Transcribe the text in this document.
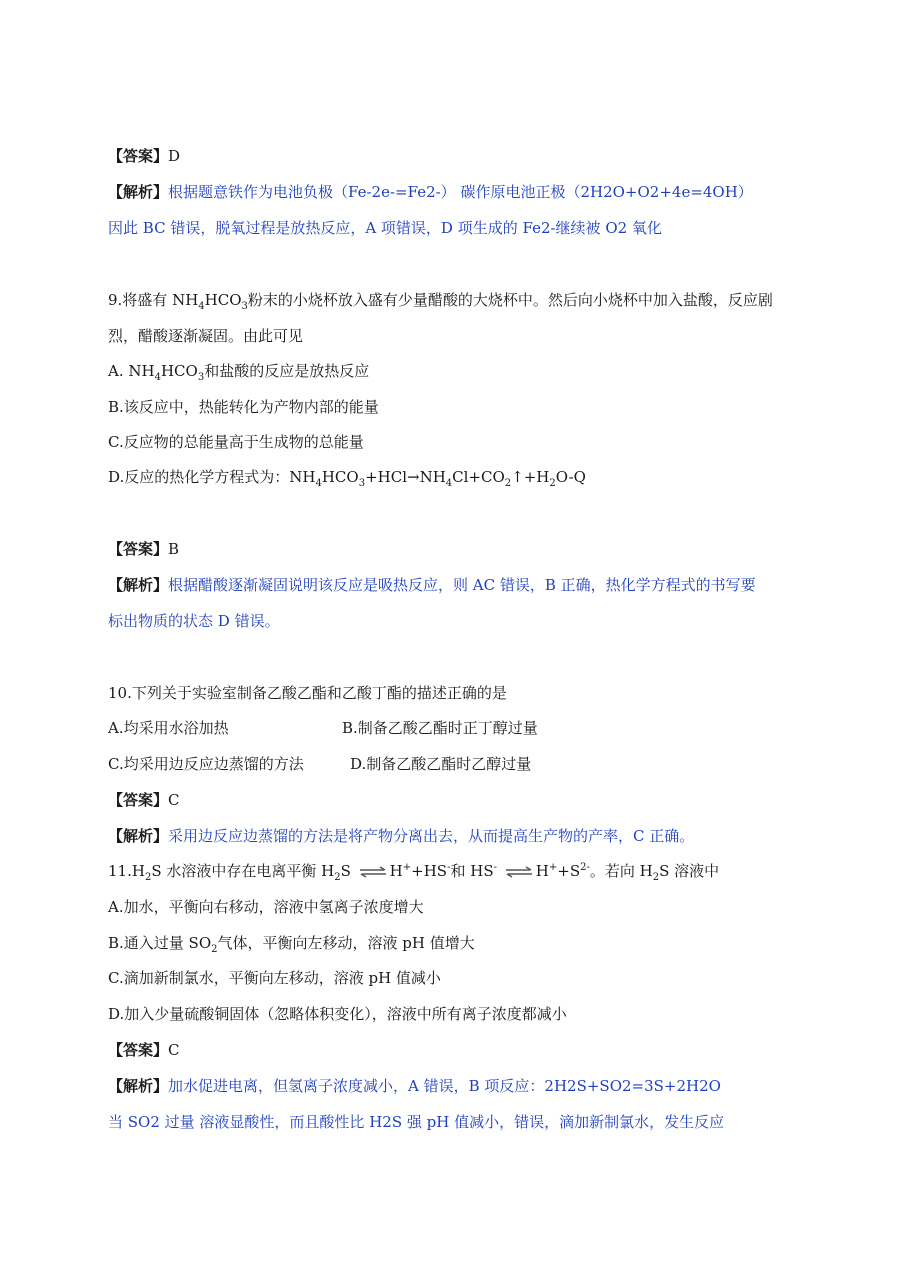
【答案】D
【解析】根据题意铁作为电池负极（Fe-2e-=Fe2-） 碳作原电池正极（2H2O+O2+4e=4OH）
因此 BC 错误，脱氧过程是放热反应，A 项错误，D 项生成的 Fe2-继续被 O2 氧化
9.将盛有 $NH_4HCO_3$粉末的小烧杯放入盛有少量醋酸的大烧杯中。然后向小烧杯中加入盐酸，反应剧
烈，醋酸逐渐凝固。由此可见
A. $NH_4HCO_3$和盐酸的反应是放热反应
B.该反应中，热能转化为产物内部的能量
C.反应物的总能量高于生成物的总能量
D.反应的热化学方程式为：$NH_4HCO_3+HCl\to NH_4Cl+CO_2↑+H_2O-Q$
【答案】B
【解析】根据醋酸逐渐凝固说明该反应是吸热反应，则 AC 错误，B 正确，热化学方程式的书写要
标出物质的状态 D 错误。
10.下列关于实验室制备乙酸乙酯和乙酸丁酯的描述正确的是
A.均采用水浴加热	B.制备乙酸乙酯时正丁醇过量
C.均采用边反应边蒸馏的方法	D.制备乙酸乙酯时乙醇过量
【答案】C
【解析】采用边反应边蒸馏的方法是将产物分离出去，从而提高生产物的产率，C 正确。
$11.H_2S$ 水溶液中存在电离平衡 $H_2S$ ⇌ H++HS-和 HS- ⇌ $H^++S^{2-}$。若向 $H_2S$ 溶液中
A.加水，平衡向右移动，溶液中氢离子浓度增大
B.通入过量 $SO_2$气体，平衡向左移动，溶液 pH 值增大
C.滴加新制氯水，平衡向左移动，溶液 pH 值减小
D.加入少量硫酸铜固体（忽略体积变化），溶液中所有离子浓度都减小
【答案】C
【解析】加水促进电离，但氢离子浓度减小，A 错误，B 项反应：2H2S+SO2=3S+2H2O
当 SO2 过量 溶液显酸性，而且酸性比 H2S 强 pH 值减小，错误，滴加新制氯水，发生反应
